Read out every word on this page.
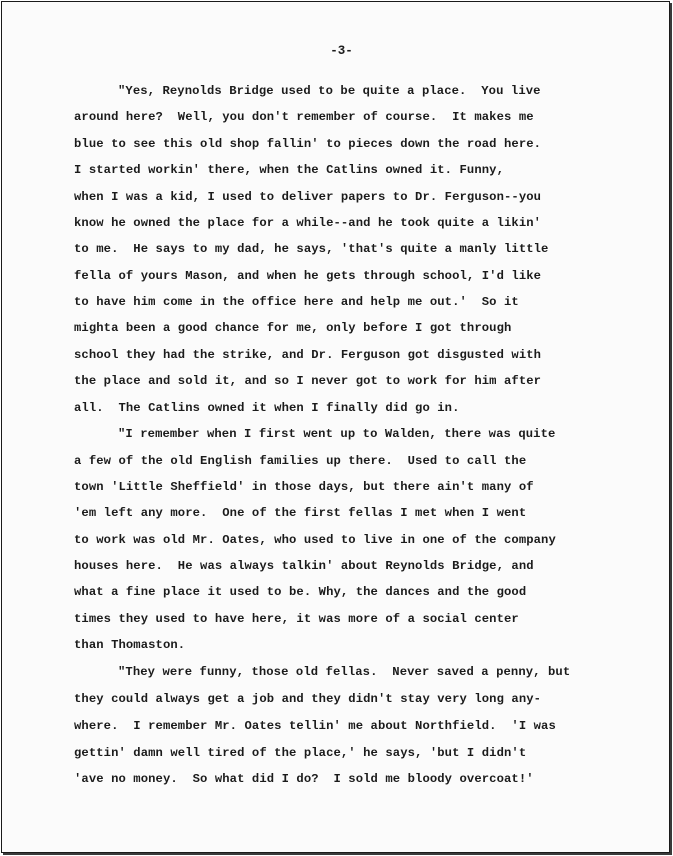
-3-
"Yes, Reynolds Bridge used to be quite a place.  You live
around here?  Well, you don't remember of course.  It makes me
blue to see this old shop fallin' to pieces down the road here.
I started workin' there, when the Catlins owned it. Funny,
when I was a kid, I used to deliver papers to Dr. Ferguson--you
know he owned the place for a while--and he took quite a likin'
to me.  He says to my dad, he says, 'that's quite a manly little
fella of yours Mason, and when he gets through school, I'd like
to have him come in the office here and help me out.'  So it
mighta been a good chance for me, only before I got through
school they had the strike, and Dr. Ferguson got disgusted with
the place and sold it, and so I never got to work for him after
all.  The Catlins owned it when I finally did go in.
"I remember when I first went up to Walden, there was quite
a few of the old English families up there.  Used to call the
town 'Little Sheffield' in those days, but there ain't many of
'em left any more.  One of the first fellas I met when I went
to work was old Mr. Oates, who used to live in one of the company
houses here.  He was always talkin' about Reynolds Bridge, and
what a fine place it used to be. Why, the dances and the good
times they used to have here, it was more of a social center
than Thomaston.
"They were funny, those old fellas.  Never saved a penny, but
they could always get a job and they didn't stay very long any-
where.  I remember Mr. Oates tellin' me about Northfield.  'I was
gettin' damn well tired of the place,' he says, 'but I didn't
'ave no money.  So what did I do?  I sold me bloody overcoat!'
